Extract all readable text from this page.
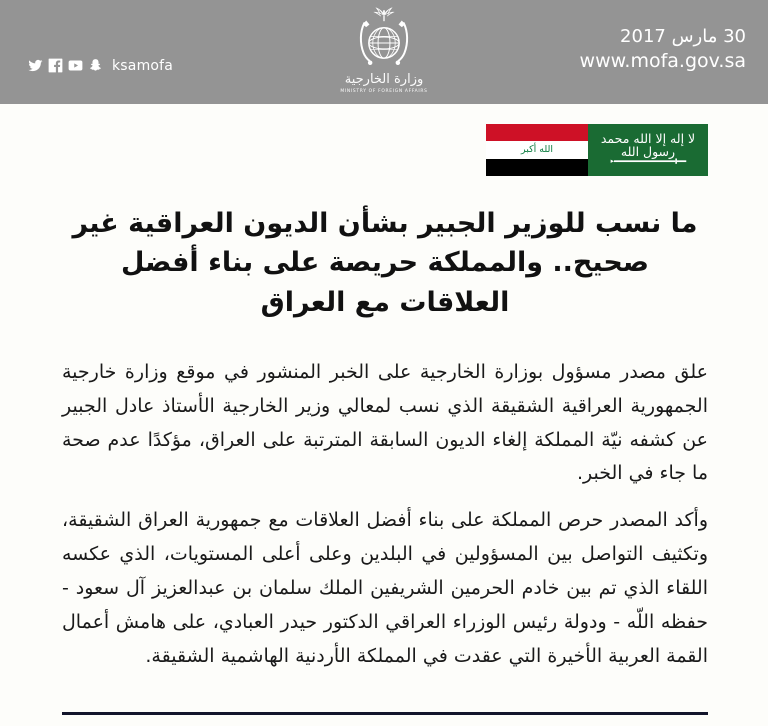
ksamofa
وزارة الخارجية
MINISTRY OF FOREIGN AFFAIRS
30 مارس 2017
www.mofa.gov.sa
الله أكبر
لا إله إلا الله محمد رسول الله
ما نسب للوزير الجبير بشأن الديون العراقية غير صحيح.. والمملكة حريصة على بناء أفضل العلاقات مع العراق

علق مصدر مسؤول بوزارة الخارجية على الخبر المنشور في موقع وزارة خارجية الجمهورية العراقية الشقيقة الذي نسب لمعالي وزير الخارجية الأستاذ عادل الجبير عن كشفه نيّة المملكة إلغاء الديون السابقة المترتبة على العراق، مؤكدًا عدم صحة ما جاء في الخبر.

وأكد المصدر حرص المملكة على بناء أفضل العلاقات مع جمهورية العراق الشقيقة، وتكثيف التواصل بين المسؤولين في البلدين وعلى أعلى المستويات، الذي عكسه اللقاء الذي تم بين خادم الحرمين الشريفين الملك سلمان بن عبدالعزيز آل سعود - حفظه اللّه - ودولة رئيس الوزراء العراقي الدكتور حيدر العبادي، على هامش أعمال القمة العربية الأخيرة التي عقدت في المملكة الأردنية الهاشمية الشقيقة.
